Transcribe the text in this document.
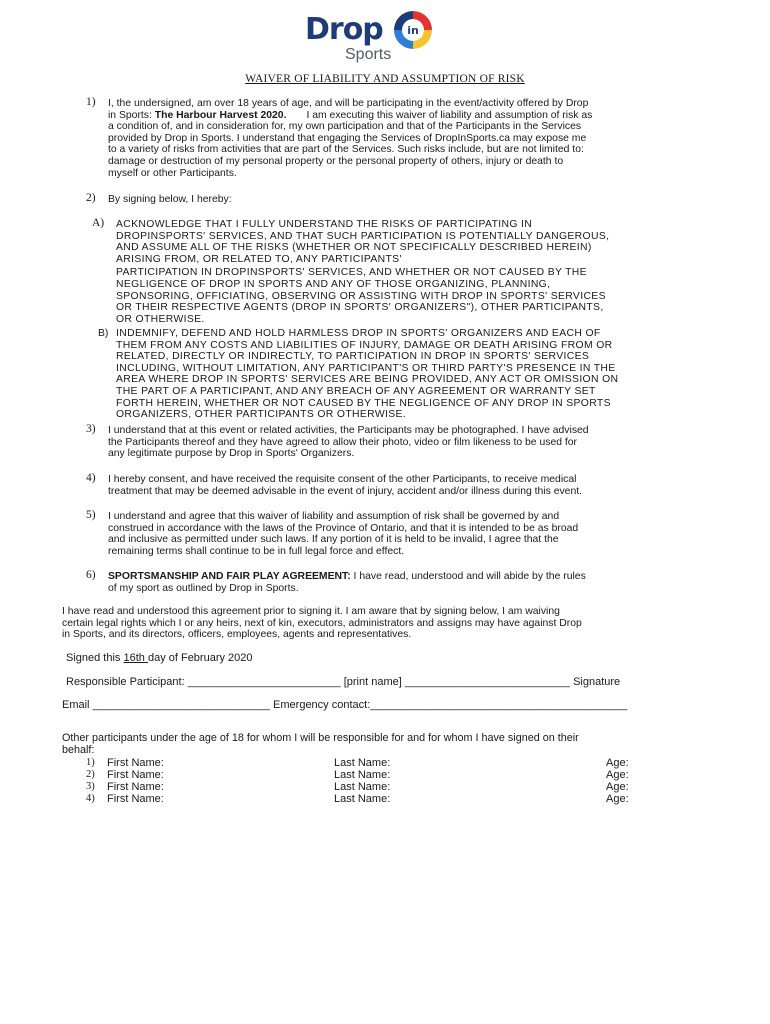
Drop in
Sports
WAIVER OF LIABILITY AND ASSUMPTION OF RISK
1) I, the undersigned, am over 18 years of age, and will be participating in the event/activity offered by Drop
in Sports: The Harbour Harvest 2020. I am executing this waiver of liability and assumption of risk as
a condition of, and in consideration for, my own participation and that of the Participants in the Services
provided by Drop in Sports. I understand that engaging the Services of DropInSports.ca may expose me
to a variety of risks from activities that are part of the Services. Such risks include, but are not limited to:
damage or destruction of my personal property or the personal property of others, injury or death to
myself or other Participants.
2) By signing below, I hereby:
A) ACKNOWLEDGE THAT I FULLY UNDERSTAND THE RISKS OF PARTICIPATING IN
DROPINSPORTS' SERVICES, AND THAT SUCH PARTICIPATION IS POTENTIALLY DANGEROUS,
AND ASSUME ALL OF THE RISKS (WHETHER OR NOT SPECIFICALLY DESCRIBED HEREIN)
ARISING FROM, OR RELATED TO, ANY PARTICIPANTS'
PARTICIPATION IN DROPINSPORTS' SERVICES, AND WHETHER OR NOT CAUSED BY THE
NEGLIGENCE OF DROP IN SPORTS AND ANY OF THOSE ORGANIZING, PLANNING,
SPONSORING, OFFICIATING, OBSERVING OR ASSISTING WITH DROP IN SPORTS' SERVICES
OR THEIR RESPECTIVE AGENTS (DROP IN SPORTS' ORGANIZERS"), OTHER PARTICIPANTS,
OR OTHERWISE.
B) INDEMNIFY, DEFEND AND HOLD HARMLESS DROP IN SPORTS' ORGANIZERS AND EACH OF
THEM FROM ANY COSTS AND LIABILITIES OF INJURY, DAMAGE OR DEATH ARISING FROM OR
RELATED, DIRECTLY OR INDIRECTLY, TO PARTICIPATION IN DROP IN SPORTS' SERVICES
INCLUDING, WITHOUT LIMITATION, ANY PARTICIPANT'S OR THIRD PARTY'S PRESENCE IN THE
AREA WHERE DROP IN SPORTS' SERVICES ARE BEING PROVIDED, ANY ACT OR OMISSION ON
THE PART OF A PARTICIPANT, AND ANY BREACH OF ANY AGREEMENT OR WARRANTY SET
FORTH HEREIN, WHETHER OR NOT CAUSED BY THE NEGLIGENCE OF ANY DROP IN SPORTS
ORGANIZERS, OTHER PARTICIPANTS OR OTHERWISE.
3) I understand that at this event or related activities, the Participants may be photographed. I have advised
the Participants thereof and they have agreed to allow their photo, video or film likeness to be used for
any legitimate purpose by Drop in Sports' Organizers.
4) I hereby consent, and have received the requisite consent of the other Participants, to receive medical
treatment that may be deemed advisable in the event of injury, accident and/or illness during this event.
5) I understand and agree that this waiver of liability and assumption of risk shall be governed by and
construed in accordance with the laws of the Province of Ontario, and that it is intended to be as broad
and inclusive as permitted under such laws. If any portion of it is held to be invalid, I agree that the
remaining terms shall continue to be in full legal force and effect.
6) SPORTSMANSHIP AND FAIR PLAY AGREEMENT: I have read, understood and will abide by the rules
of my sport as outlined by Drop in Sports.
I have read and understood this agreement prior to signing it. I am aware that by signing below, I am waiving
certain legal rights which I or any heirs, next of kin, executors, administrators and assigns may have against Drop
in Sports, and its directors, officers, employees, agents and representatives.
Signed this 16th day of February 2020
Responsible Participant: _________________________ [print name] ___________________________ Signature
Email _____________________________ Emergency contact:__________________________________________
Other participants under the age of 18 for whom I will be responsible for and for whom I have signed on their
behalf:
1) First Name:	Last Name:	Age:
2) First Name:	Last Name:	Age:
3) First Name:	Last Name:	Age:
4) First Name:	Last Name:	Age:
